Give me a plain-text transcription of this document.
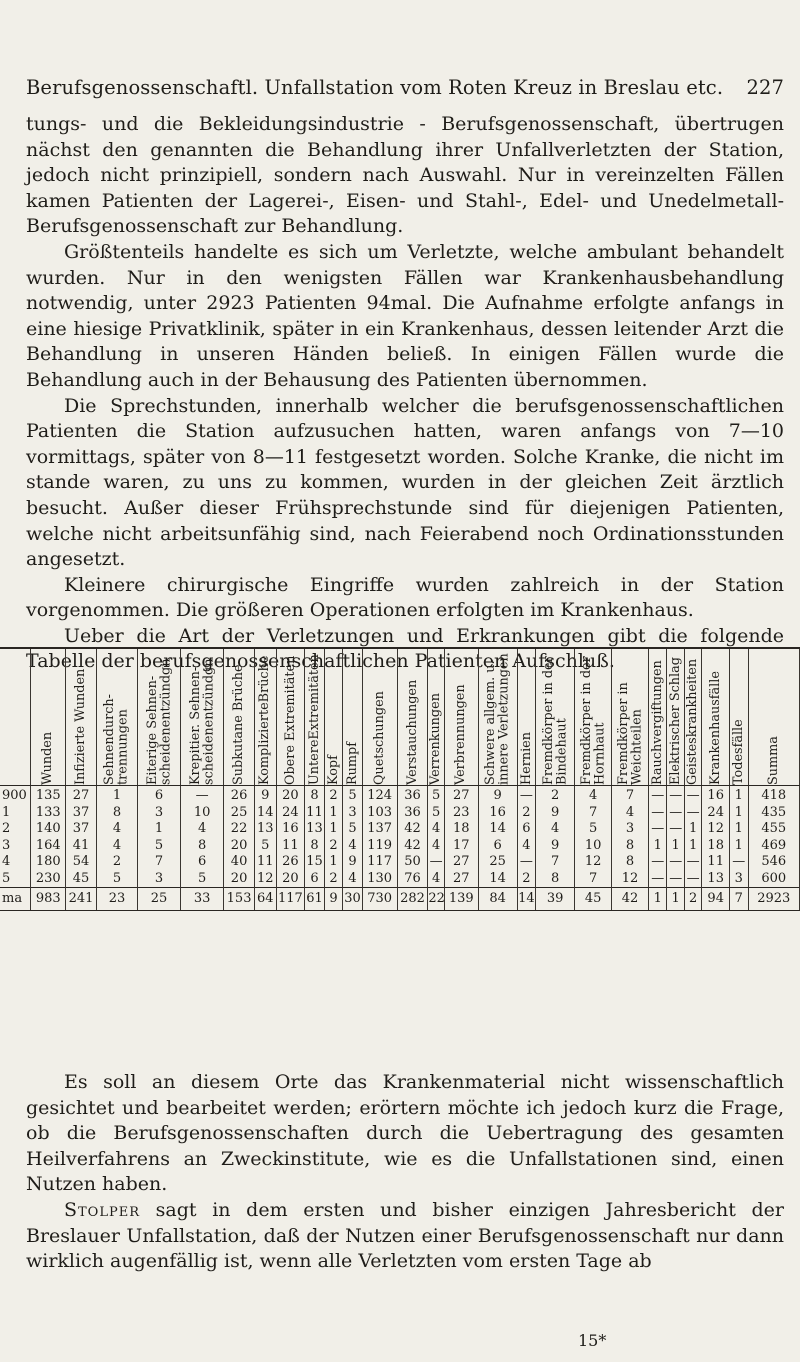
Berufsgenossenschaftl. Unfallstation vom Roten Kreuz in Breslau etc. 227

tungs- und die Bekleidungsindustrie - Berufsgenossenschaft, übertrugen nächst den genannten die Behandlung ihrer Unfallverletzten der Station, jedoch nicht prinzipiell, sondern nach Auswahl. Nur in vereinzelten Fällen kamen Patienten der Lagerei-, Eisen- und Stahl-, Edel- und Unedelmetall-Berufsgenossenschaft zur Behandlung.

Größtenteils handelte es sich um Verletzte, welche ambulant behandelt wurden. Nur in den wenigsten Fällen war Krankenhausbehandlung notwendig, unter 2923 Patienten 94mal. Die Aufnahme erfolgte anfangs in eine hiesige Privatklinik, später in ein Krankenhaus, dessen leitender Arzt die Behandlung in unseren Händen beließ. In einigen Fällen wurde die Behandlung auch in der Behausung des Patienten übernommen.

Die Sprechstunden, innerhalb welcher die berufsgenossenschaftlichen Patienten die Station aufzusuchen hatten, waren anfangs von 7—10 vormittags, später von 8—11 festgesetzt worden. Solche Kranke, die nicht im stande waren, zu uns zu kommen, wurden in der gleichen Zeit ärztlich besucht. Außer dieser Frühsprechstunde sind für diejenigen Patienten, welche nicht arbeitsunfähig sind, nach Feierabend noch Ordinationsstunden angesetzt.

Kleinere chirurgische Eingriffe wurden zahlreich in der Station vorgenommen. Die größeren Operationen erfolgten im Krankenhaus.

Ueber die Art der Verletzungen und Erkrankungen gibt die folgende Tabelle der berufsgenossenschaftlichen Patienten Aufschluß.

	Wunden	Infizierte Wunden	Sehnendurch-trennungen	Eiterige Sehnen-scheidenentzündgn	Krepitier. Sehnen-scheidenentzündgn	Subkutane Brüche	KompliziertеBrüche	Obere Extremitäten	UntereExtremitäten	Kopf	Rumpf	Quetschungen	Verstauchungen	Verrenkungen	Verbrennungen	Schwere allgem. u. innere Verletzungen	Hernien	Fremdkörper in der Bindehaut	Fremdkörper in der Hornhaut	Fremdkörper in Weichteilen	Rauchvergiftungen	Elektrischer Schlag	Geisteskrankheiten	Krankenhausfälle	Todesfälle	Summa

900	135	27	1	6	—	26	9	20	8	2	5	124	36	5	27	9	—	2	4	7	—	—	—	16	1	418
1	133	37	8	3	10	25	14	24	11	1	3	103	36	5	23	16	2	9	7	4	—	—	—	24	1	435
2	140	37	4	1	4	22	13	16	13	1	5	137	42	4	18	14	6	4	5	3	—	—	1	12	1	455
3	164	41	4	5	8	20	5	11	8	2	4	119	42	4	17	6	4	9	10	8	1	1	1	18	1	469
4	180	54	2	7	6	40	11	26	15	1	9	117	50	—	27	25	—	7	12	8	—	—	—	11	—	546
5	230	45	5	3	5	20	12	20	6	2	4	130	76	4	27	14	2	8	7	12	—	—	—	13	3	600
ma	983	241	23	25	33	153	64	117	61	9	30	730	282	22	139	84	14	39	45	42	1	1	2	94	7	2923

Es soll an diesem Orte das Krankenmaterial nicht wissenschaftlich gesichtet und bearbeitet werden; erörtern möchte ich jedoch kurz die Frage, ob die Berufsgenossenschaften durch die Uebertragung des gesamten Heilverfahrens an Zweckinstitute, wie es die Unfallstationen sind, einen Nutzen haben.

Stolper sagt in dem ersten und bisher einzigen Jahresbericht der Breslauer Unfallstation, daß der Nutzen einer Berufsgenossenschaft nur dann wirklich augenfällig ist, wenn alle Verletzten vom ersten Tage ab

15*
